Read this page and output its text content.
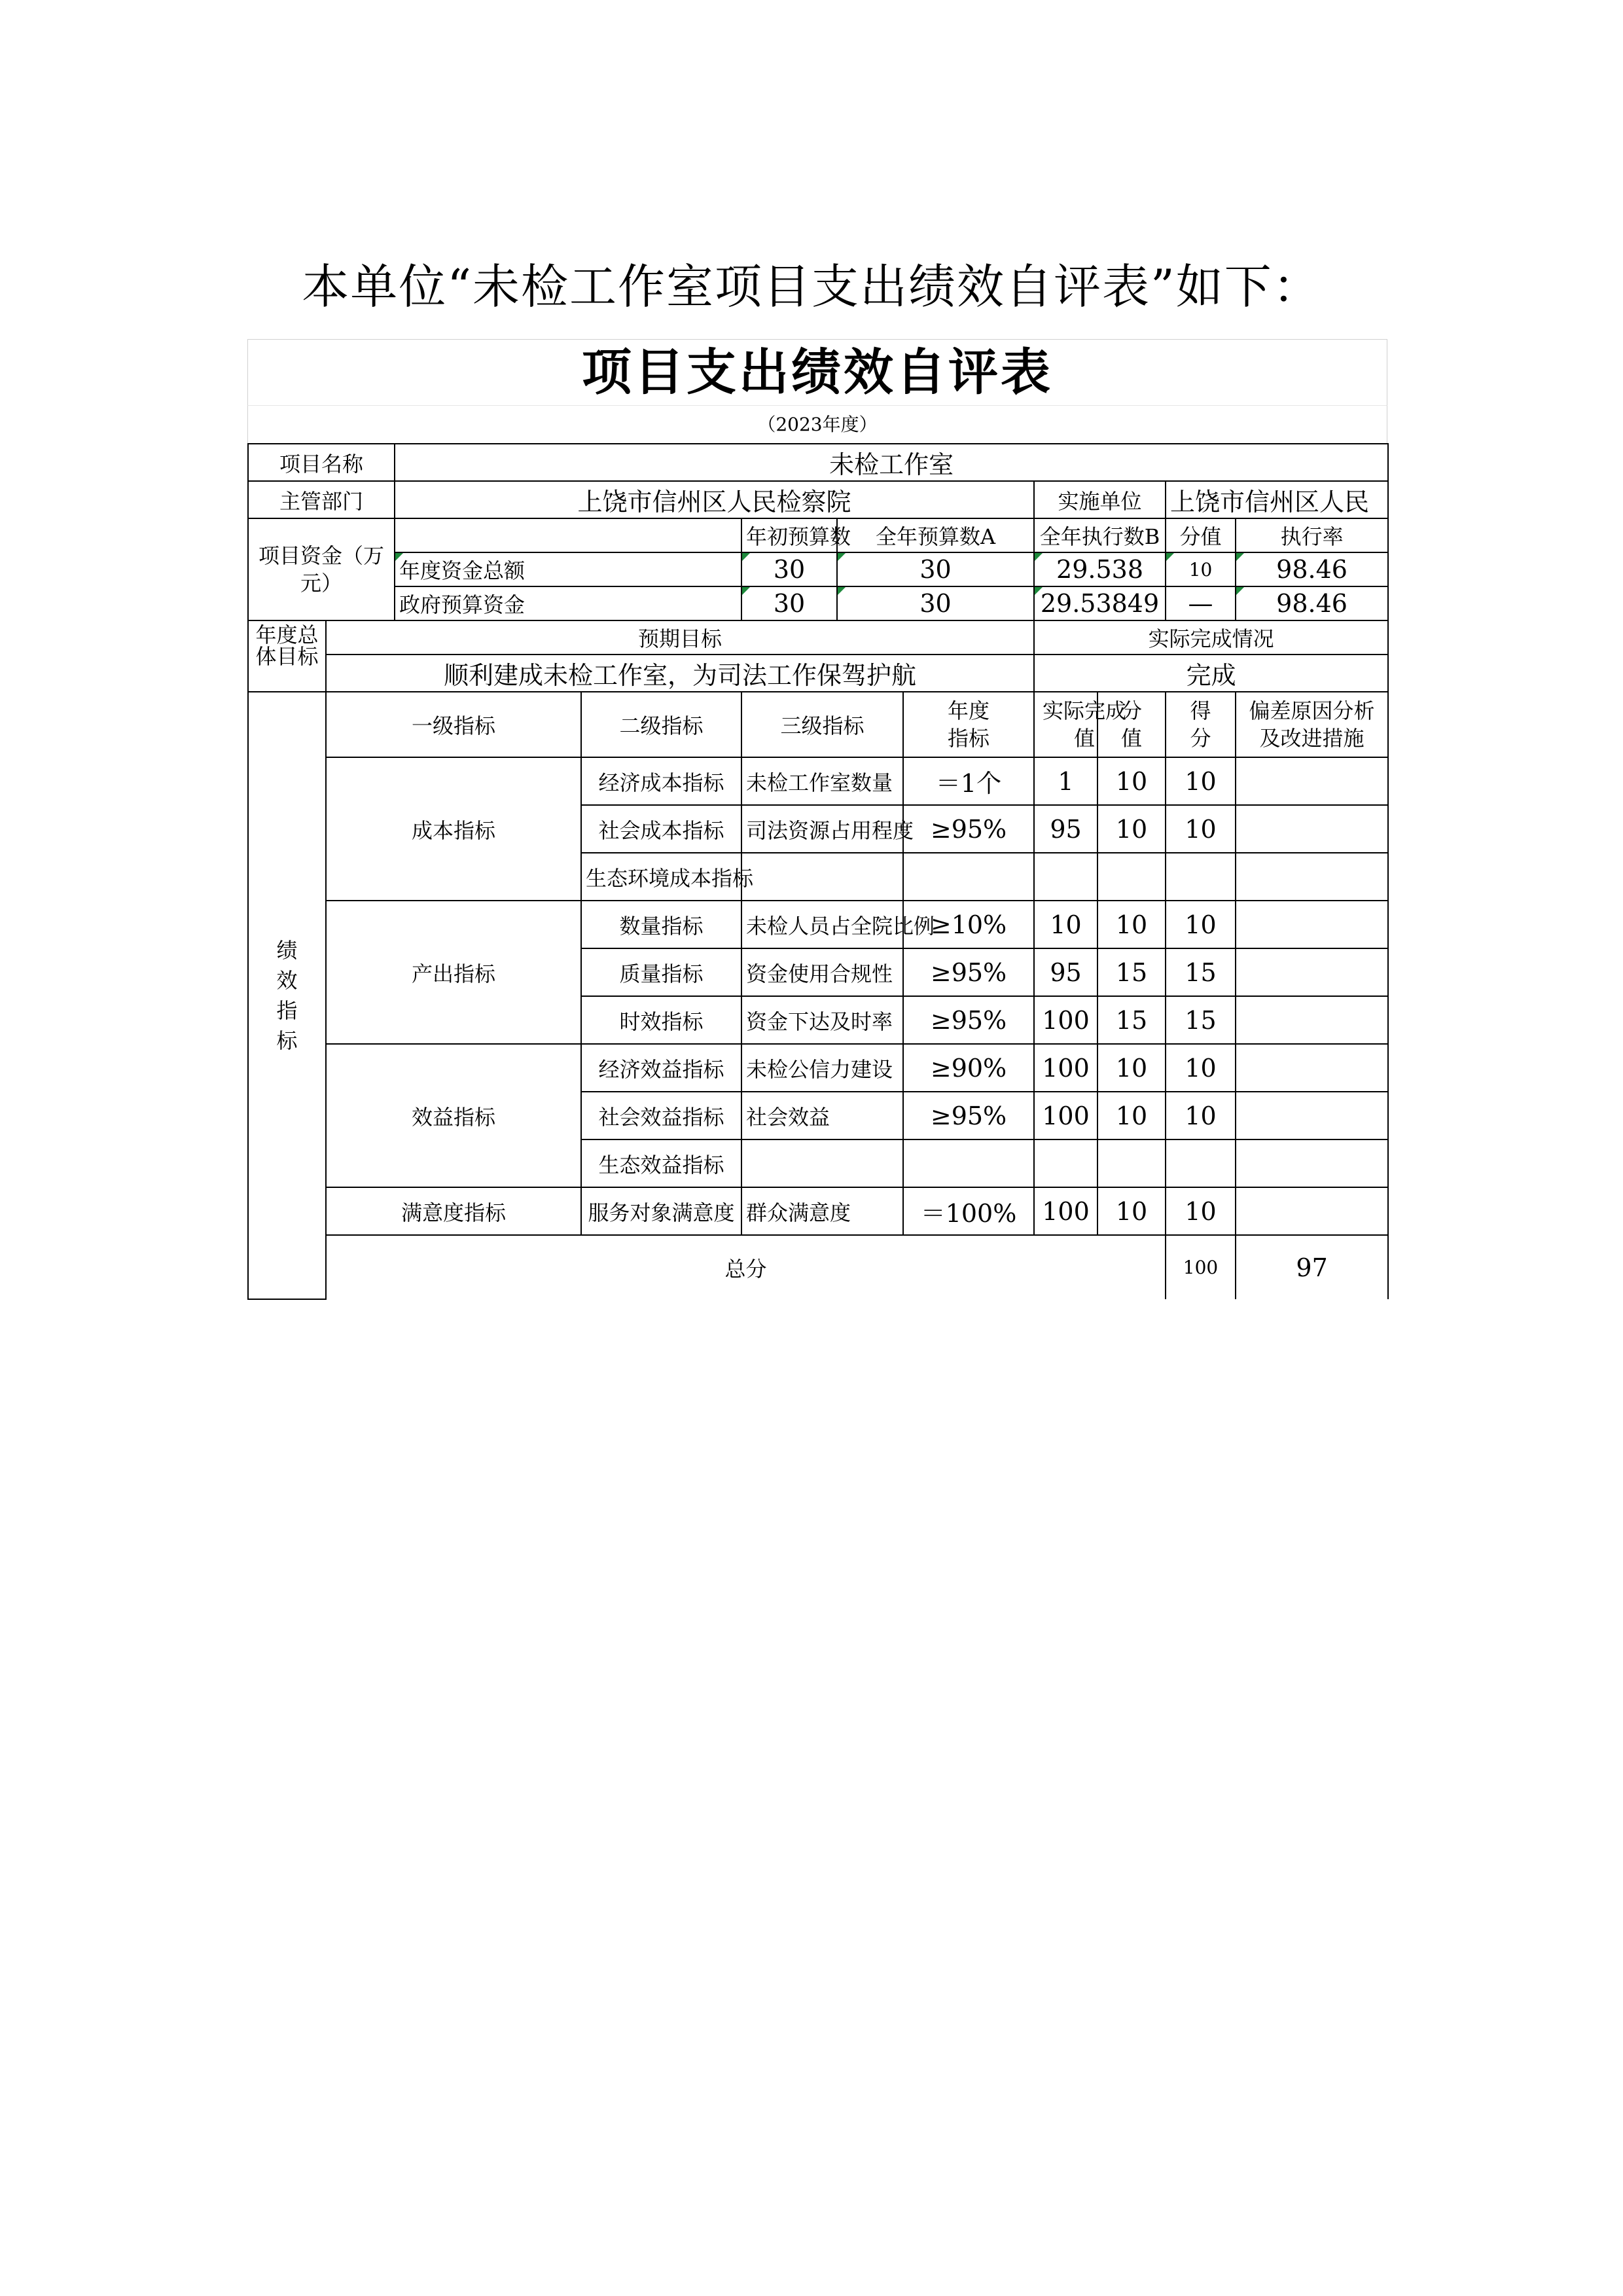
本单位“未检工作室项目支出绩效自评表”如下：
项目支出绩效自评表
（2023年度）
项目名称		未检工作室									
主管部门		上饶市信州区人民检察院					实施单位		上饶市信州区人民		
项目资金（万元）				年初预算数	全年预算数A		全年执行数B		分值	执行率	
		年度资金总额		30	30		29.538		10	98.46	
		政府预算资金		30	30		29.53849		—	98.46	

年度总体目标	预期目标						实际完成情况				
	顺利建成未检工作室，为司法工作保驾护航						完成				
绩效指标	一级指标		二级指标	三级指标		年度指标	实际完成值	分值	得分	偏差原因分析及改进措施	
	成本指标		经济成本指标	未检工作室数量		＝1个	1	10	10		
			社会成本指标	司法资源占用程度		≥95%	95	10	10		
			生态环境成本指标								
	产出指标		数量指标	未检人员占全院比例		≥10%	10	10	10		
			质量指标	资金使用合规性		≥95%	95	15	15		
			时效指标	资金下达及时率		≥95%	100	15	15		
	效益指标		经济效益指标	未检公信力建设		≥90%	100	10	10		
			社会效益指标	社会效益		≥95%	100	10	10		
			生态效益指标								
	满意度指标		服务对象满意度	群众满意度		＝100%	100	10	10		
	总分								100	97	
